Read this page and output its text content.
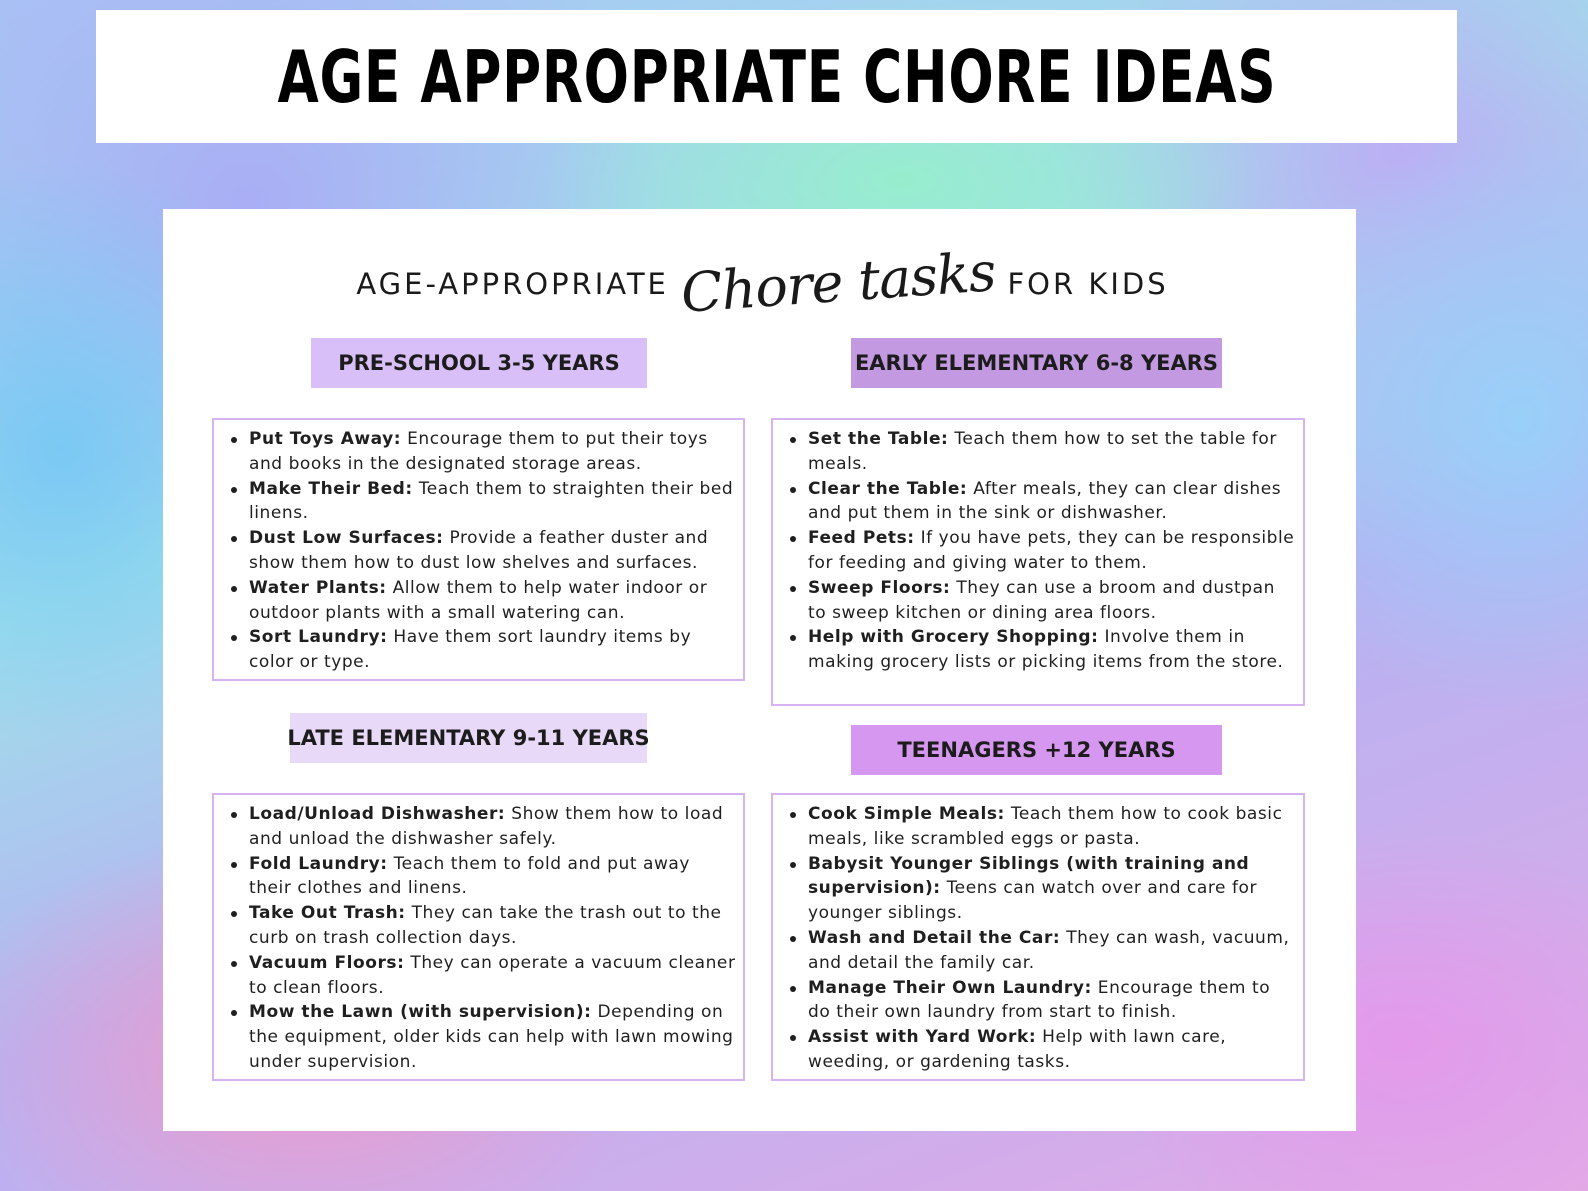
AGE APPROPRIATE CHORE IDEAS
AGE-APPROPRIATE Chore tasks FOR KIDS
PRE-SCHOOL 3-5 YEARS
Put Toys Away: Encourage them to put their toys and books in the designated storage areas.
Make Their Bed: Teach them to straighten their bed linens.
Dust Low Surfaces: Provide a feather duster and show them how to dust low shelves and surfaces.
Water Plants: Allow them to help water indoor or outdoor plants with a small watering can.
Sort Laundry: Have them sort laundry items by color or type.
EARLY ELEMENTARY 6-8 YEARS
Set the Table: Teach them how to set the table for meals.
Clear the Table: After meals, they can clear dishes and put them in the sink or dishwasher.
Feed Pets: If you have pets, they can be responsible for feeding and giving water to them.
Sweep Floors: They can use a broom and dustpan to sweep kitchen or dining area floors.
Help with Grocery Shopping: Involve them in making grocery lists or picking items from the store.
LATE ELEMENTARY 9-11 YEARS
Load/Unload Dishwasher: Show them how to load and unload the dishwasher safely.
Fold Laundry: Teach them to fold and put away their clothes and linens.
Take Out Trash: They can take the trash out to the curb on trash collection days.
Vacuum Floors: They can operate a vacuum cleaner to clean floors.
Mow the Lawn (with supervision): Depending on the equipment, older kids can help with lawn mowing under supervision.
TEENAGERS +12 YEARS
Cook Simple Meals: Teach them how to cook basic meals, like scrambled eggs or pasta.
Babysit Younger Siblings (with training and supervision): Teens can watch over and care for younger siblings.
Wash and Detail the Car: They can wash, vacuum, and detail the family car.
Manage Their Own Laundry: Encourage them to do their own laundry from start to finish.
Assist with Yard Work: Help with lawn care, weeding, or gardening tasks.
